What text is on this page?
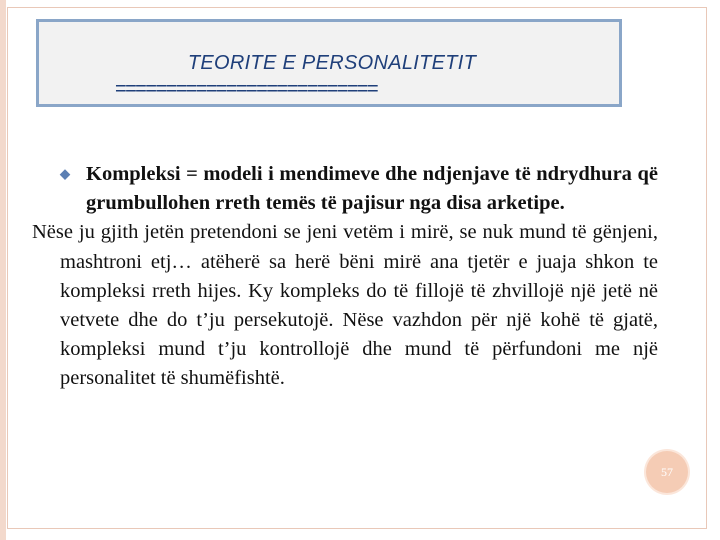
TEORITE E PERSONALITETIT
==========================
◆ Kompleksi = modeli i mendimeve dhe ndjenjave të ndrydhura që grumbullohen rreth temës të pajisur nga disa arketipe.
Nëse ju gjith jetën pretendoni se jeni vetëm i mirë, se nuk mund të gënjeni, mashtroni etj… atëherë sa herë bëni mirë ana tjetër e juaja shkon te kompleksi rreth hijes. Ky kompleks do të fillojë të zhvillojë një jetë në vetvete dhe do t’ju persekutojë. Nëse vazhdon për një kohë të gjatë, kompleksi mund t’ju kontrollojë dhe mund të përfundoni me një personalitet të shumëfishtë.
57
